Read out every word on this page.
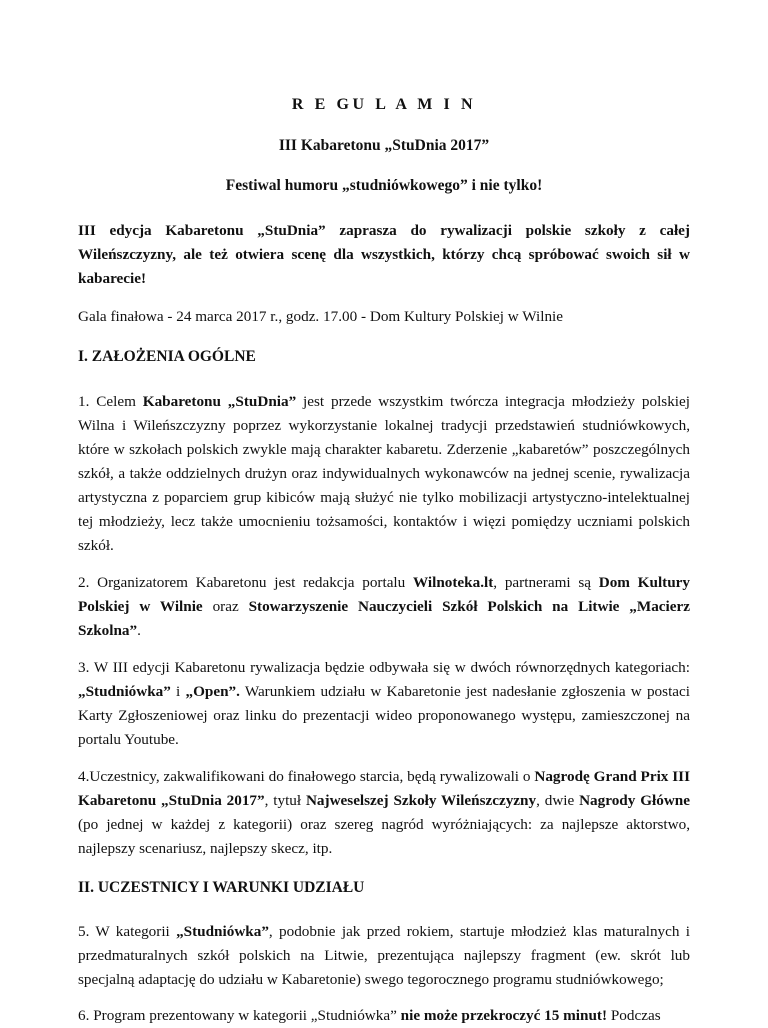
R E GU L A M I N
III Kabaretonu „StuDnia 2017”
Festiwal humoru „studniówkowego” i nie tylko!

III edycja Kabaretonu „StuDnia” zaprasza do rywalizacji polskie szkoły z całej Wileńszczyzny, ale też otwiera scenę dla wszystkich, którzy chcą spróbować swoich sił w kabarecie!

Gala finałowa - 24 marca 2017 r., godz. 17.00 - Dom Kultury Polskiej w Wilnie

I. ZAŁOŻENIA OGÓLNE

1. Celem Kabaretonu „StuDnia” jest przede wszystkim twórcza integracja młodzieży polskiej Wilna i Wileńszczyzny poprzez wykorzystanie lokalnej tradycji przedstawień studniówkowych, które w szkołach polskich zwykle mają charakter kabaretu. Zderzenie „kabaretów” poszczególnych szkół, a także oddzielnych drużyn oraz indywidualnych wykonawców na jednej scenie, rywalizacja artystyczna z poparciem grup kibiców mają służyć nie tylko mobilizacji artystyczno-intelektualnej tej młodzieży, lecz także umocnieniu tożsamości, kontaktów i więzi pomiędzy uczniami polskich szkół.

2. Organizatorem Kabaretonu jest redakcja portalu Wilnoteka.lt, partnerami są Dom Kultury Polskiej w Wilnie oraz Stowarzyszenie Nauczycieli Szkół Polskich na Litwie „Macierz Szkolna”.

3. W III edycji Kabaretonu rywalizacja będzie odbywała się w dwóch równorzędnych kategoriach: „Studniówka” i „Open”. Warunkiem udziału w Kabaretonie jest nadesłanie zgłoszenia w postaci Karty Zgłoszeniowej oraz linku do prezentacji wideo proponowanego występu, zamieszczonej na portalu Youtube.

4.Uczestnicy, zakwalifikowani do finałowego starcia, będą rywalizowali o Nagrodę Grand Prix III Kabaretonu „StuDnia 2017”, tytuł Najweselszej Szkoły Wileńszczyzny, dwie Nagrody Główne (po jednej w każdej z kategorii) oraz szereg nagród wyróżniających: za najlepsze aktorstwo, najlepszy scenariusz, najlepszy skecz, itp.

II. UCZESTNICY I WARUNKI UDZIAŁU

5. W kategorii „Studniówka”, podobnie jak przed rokiem, startuje młodzież klas maturalnych i przedmaturalnych szkół polskich na Litwie, prezentująca najlepszy fragment (ew. skrót lub specjalną adaptację do udziału w Kabaretonie) swego tegorocznego programu studniówkowego;

6. Program prezentowany w kategorii „Studniówka” nie może przekroczyć 15 minut! Podczas
